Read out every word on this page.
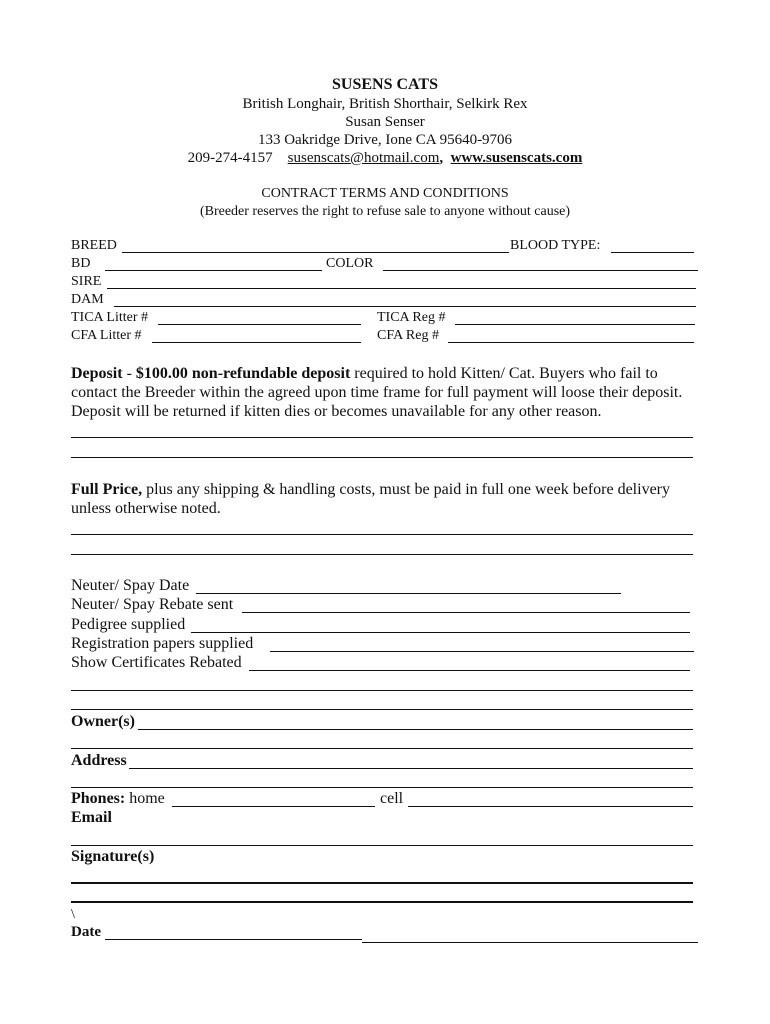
SUSENS CATS
British Longhair, British Shorthair, Selkirk Rex
Susan Senser
133 Oakridge Drive, Ione CA 95640-9706
209-274-4157 susenscats@hotmail.com, www.susenscats.com
CONTRACT TERMS AND CONDITIONS
(Breeder reserves the right to refuse sale to anyone without cause)
BREED	BLOOD TYPE:
BD	COLOR
SIRE
DAM
TICA Litter #	TICA Reg #
CFA Litter #	CFA Reg #
Deposit - $100.00 non-refundable deposit required to hold Kitten/ Cat. Buyers who fail to
contact the Breeder within the agreed upon time frame for full payment will loose their deposit.
Deposit will be returned if kitten dies or becomes unavailable for any other reason.
Full Price, plus any shipping & handling costs, must be paid in full one week before delivery
unless otherwise noted.
Neuter/ Spay Date
Neuter/ Spay Rebate sent
Pedigree supplied
Registration papers supplied
Show Certificates Rebated
Owner(s)
Address
Phones: home	cell
Email
Signature(s)
\
Date
